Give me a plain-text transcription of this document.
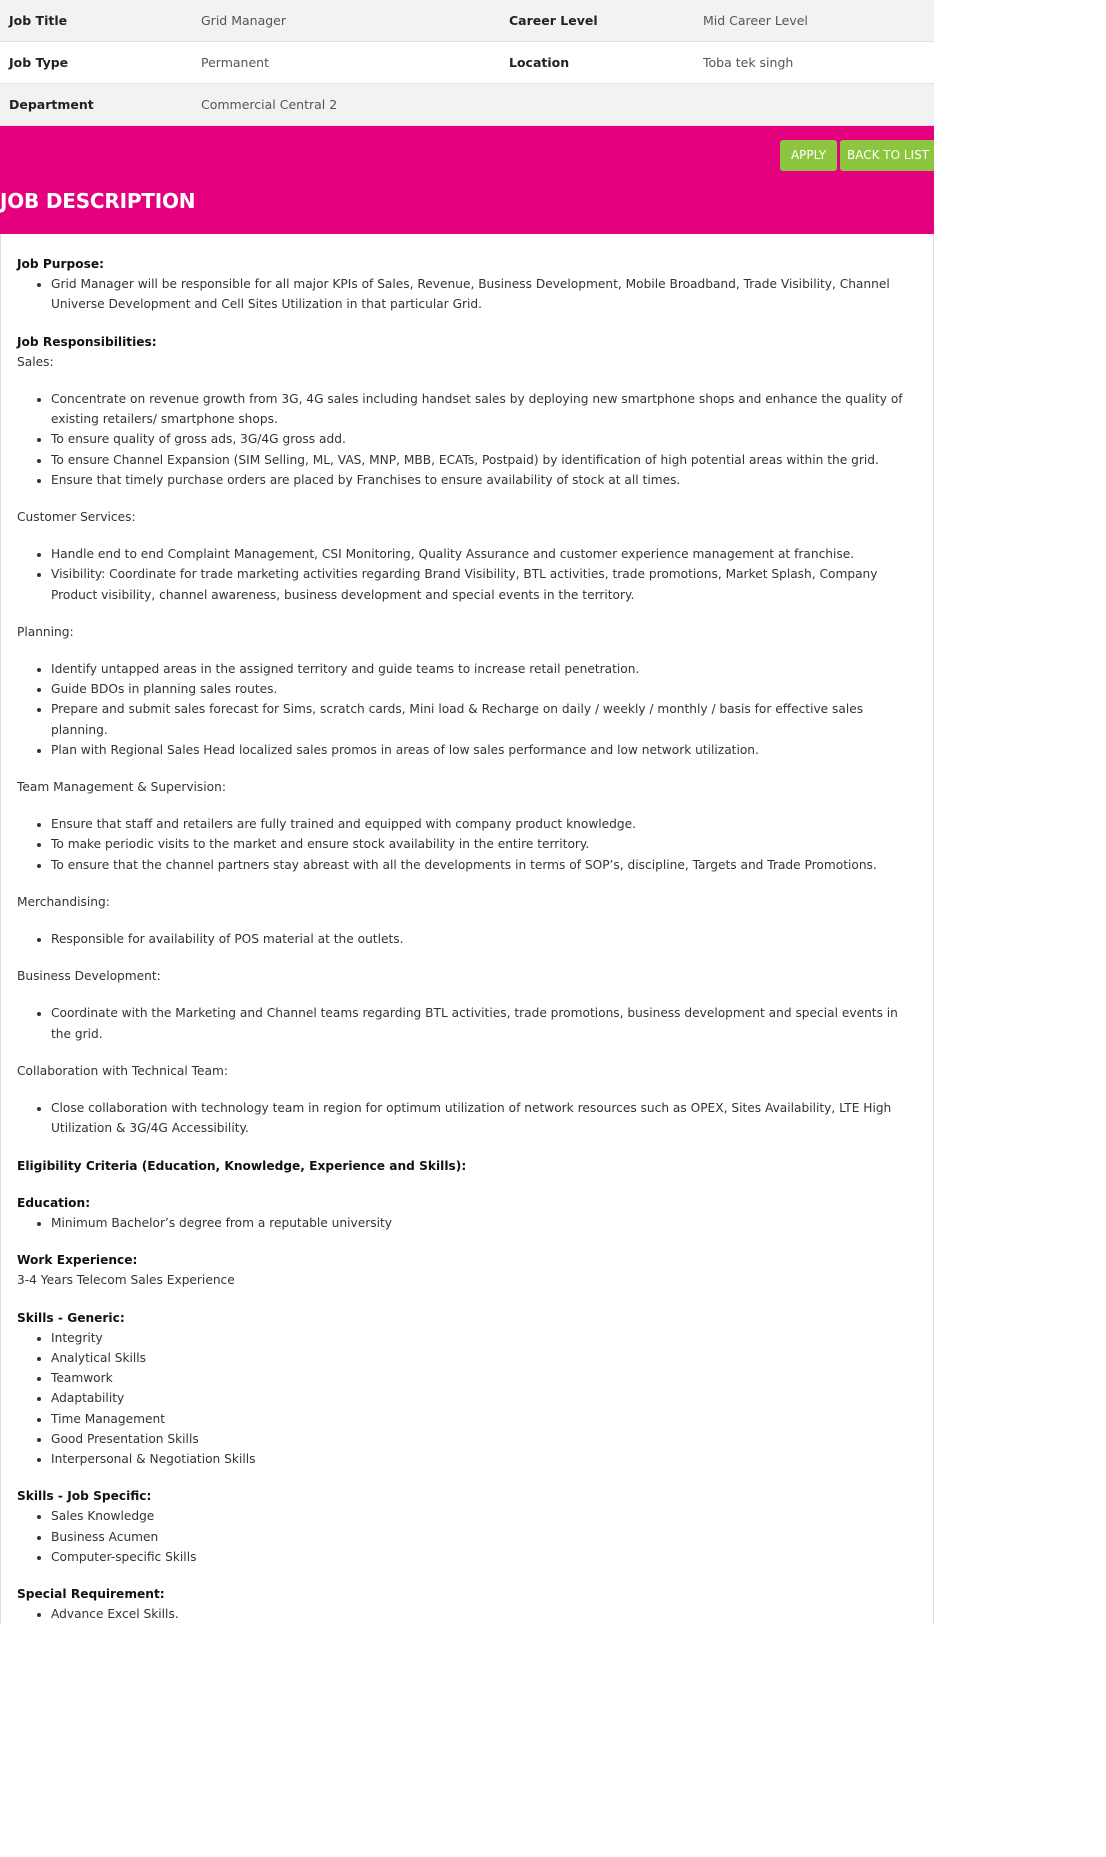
Job Title	Grid Manager	Career Level	Mid Career Level
Job Type	Permanent	Location	Toba tek singh
Department	Commercial Central 2
APPLY	BACK TO LIST
JOB DESCRIPTION
Job Purpose:
• Grid Manager will be responsible for all major KPIs of Sales, Revenue, Business Development, Mobile Broadband, Trade Visibility, Channel Universe Development and Cell Sites Utilization in that particular Grid.
Job Responsibilities:

Sales:

• Concentrate on revenue growth from 3G, 4G sales including handset sales by deploying new smartphone shops and enhance the quality of existing retailers/ smartphone shops.
• To ensure quality of gross ads, 3G/4G gross add.
• To ensure Channel Expansion (SIM Selling, ML, VAS, MNP, MBB, ECATs, Postpaid) by identification of high potential areas within the grid.
• Ensure that timely purchase orders are placed by Franchises to ensure availability of stock at all times.

Customer Services:

• Handle end to end Complaint Management, CSI Monitoring, Quality Assurance and customer experience management at franchise.
• Visibility: Coordinate for trade marketing activities regarding Brand Visibility, BTL activities, trade promotions, Market Splash, Company Product visibility, channel awareness, business development and special events in the territory.

Planning:

• Identify untapped areas in the assigned territory and guide teams to increase retail penetration.
• Guide BDOs in planning sales routes.
• Prepare and submit sales forecast for Sims, scratch cards, Mini load & Recharge on daily / weekly / monthly / basis for effective sales planning.
• Plan with Regional Sales Head localized sales promos in areas of low sales performance and low network utilization.

Team Management & Supervision:

• Ensure that staff and retailers are fully trained and equipped with company product knowledge.
• To make periodic visits to the market and ensure stock availability in the entire territory.
• To ensure that the channel partners stay abreast with all the developments in terms of SOP’s, discipline, Targets and Trade Promotions.

Merchandising:

• Responsible for availability of POS material at the outlets.

Business Development:

• Coordinate with the Marketing and Channel teams regarding BTL activities, trade promotions, business development and special events in the grid.

Collaboration with Technical Team:

• Close collaboration with technology team in region for optimum utilization of network resources such as OPEX, Sites Availability, LTE High Utilization & 3G/4G Accessibility.
Eligibility Criteria (Education, Knowledge, Experience and Skills):
Education:
• Minimum Bachelor’s degree from a reputable university
Work Experience:

3-4 Years Telecom Sales Experience

Skills - Generic:
• Integrity
• Analytical Skills
• Teamwork
• Adaptability
• Time Management
• Good Presentation Skills
• Interpersonal & Negotiation Skills
Skills - Job Specific:
• Sales Knowledge
• Business Acumen
• Computer-specific Skills
Special Requirement:
• Advance Excel Skills.
